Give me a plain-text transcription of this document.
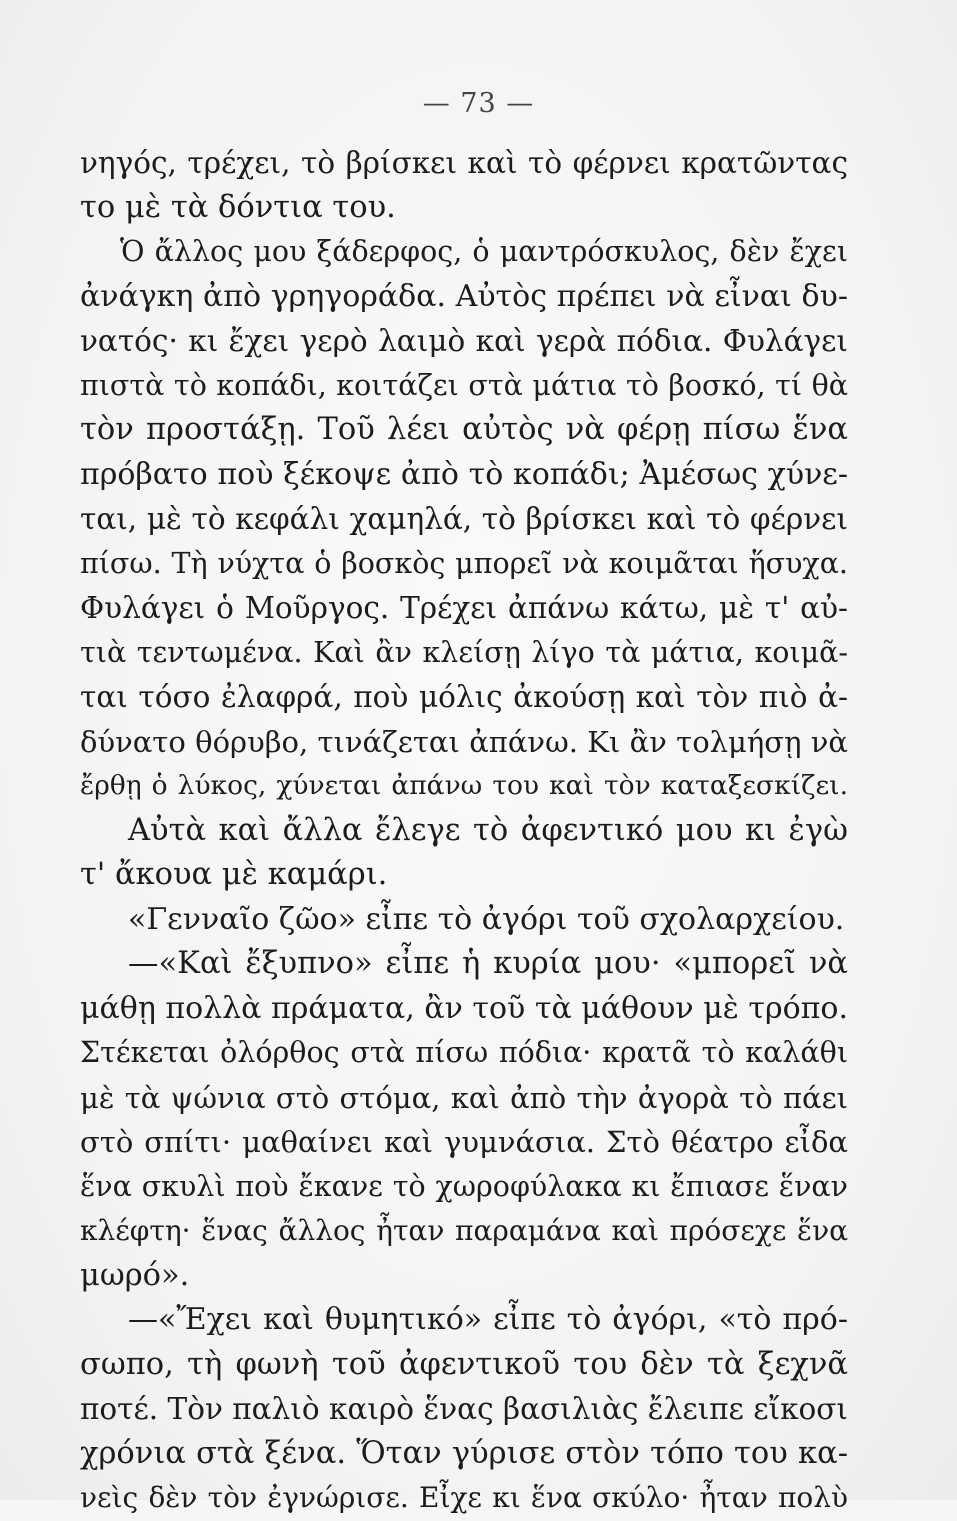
— 73 —
νηγός, τρέχει, τὸ βρίσκει καὶ τὸ φέρνει κρατῶντας
το μὲ τὰ δόντια του.
Ὁ ἄλλος μου ξάδερφος, ὁ μαντρόσκυλος, δὲν ἔχει
ἀνάγκη ἀπὸ γρηγοράδα. Αὐτὸς πρέπει νὰ εἶναι δυ-
νατός· κι ἔχει γερὸ λαιμὸ καὶ γερὰ πόδια. Φυλάγει
πιστὰ τὸ κοπάδι, κοιτάζει στὰ μάτια τὸ βοσκό, τί θὰ
τὸν προστάξῃ. Τοῦ λέει αὐτὸς νὰ φέρῃ πίσω ἕνα
πρόβατο ποὺ ξέκοψε ἀπὸ τὸ κοπάδι; Ἀμέσως χύνε-
ται, μὲ τὸ κεφάλι χαμηλά, τὸ βρίσκει καὶ τὸ φέρνει
πίσω. Τὴ νύχτα ὁ βοσκὸς μπορεῖ νὰ κοιμᾶται ἥσυχα.
Φυλάγει ὁ Μοῦργος. Τρέχει ἀπάνω κάτω, μὲ τ' αὐ-
τιὰ τεντωμένα. Καὶ ἂν κλείσῃ λίγο τὰ μάτια, κοιμᾶ-
ται τόσο ἐλαφρά, ποὺ μόλις ἀκούσῃ καὶ τὸν πιὸ ἀ-
δύνατο θόρυβο, τινάζεται ἀπάνω. Κι ἂν τολμήσῃ νὰ
ἔρθῃ ὁ λύκος, χύνεται ἀπάνω του καὶ τὸν καταξεσκίζει.
Αὐτὰ καὶ ἄλλα ἔλεγε τὸ ἀφεντικό μου κι ἐγὼ
τ' ἄκουα μὲ καμάρι.
«Γενναῖο ζῶο» εἶπε τὸ ἀγόρι τοῦ σχολαρχείου.
—«Καὶ ἔξυπνο» εἶπε ἡ κυρία μου· «μπορεῖ νὰ
μάθῃ πολλὰ πράματα, ἂν τοῦ τὰ μάθουν μὲ τρόπο.
Στέκεται ὀλόρθος στὰ πίσω πόδια· κρατᾶ τὸ καλάθι
μὲ τὰ ψώνια στὸ στόμα, καὶ ἀπὸ τὴν ἀγορὰ τὸ πάει
στὸ σπίτι· μαθαίνει καὶ γυμνάσια. Στὸ θέατρο εἶδα
ἕνα σκυλὶ ποὺ ἔκανε τὸ χωροφύλακα κι ἔπιασε ἕναν
κλέφτη· ἕνας ἄλλος ἦταν παραμάνα καὶ πρόσεχε ἕνα
μωρό».
—«Ἔχει καὶ θυμητικό» εἶπε τὸ ἀγόρι, «τὸ πρό-
σωπο, τὴ φωνὴ τοῦ ἀφεντικοῦ του δὲν τὰ ξεχνᾶ
ποτέ. Τὸν παλιὸ καιρὸ ἕνας βασιλιὰς ἔλειπε εἴκοσι
χρόνια στὰ ξένα. Ὅταν γύρισε στὸν τόπο του κα-
νεὶς δὲν τὸν ἐγνώρισε. Εἶχε κι ἕνα σκύλο· ἦταν πολὺ
